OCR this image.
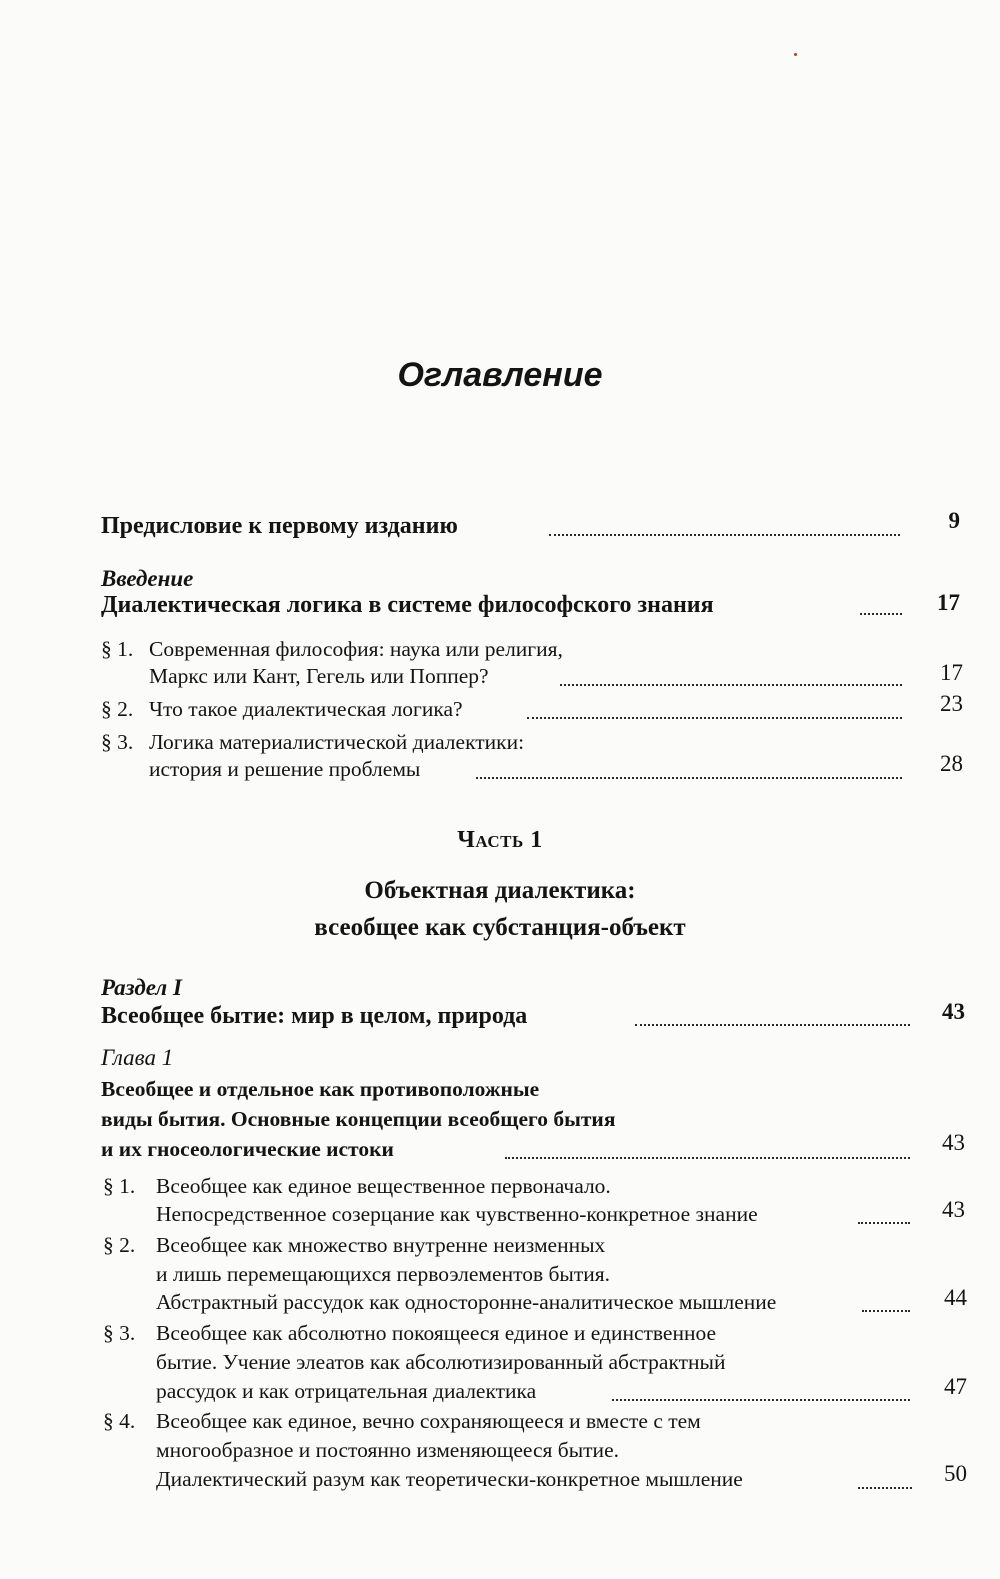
Оглавление
Предисловие к первому изданию	9
Введение
Диалектическая логика в системе философского знания	17
§ 1. Современная философия: наука или религия,
Маркс или Кант, Гегель или Поппер?	17
§ 2. Что такое диалектическая логика?	23
§ 3. Логика материалистической диалектики:
история и решение проблемы	28
Часть 1
Объектная диалектика:
всеобщее как субстанция-объект
Раздел I
Всеобщее бытие: мир в целом, природа	43
Глава 1
Всеобщее и отдельное как противоположные
виды бытия. Основные концепции всеобщего бытия
и их гносеологические истоки	43
§ 1. Всеобщее как единое вещественное первоначало.
Непосредственное созерцание как чувственно-конкретное знание	43
§ 2. Всеобщее как множество внутренне неизменных
и лишь перемещающихся первоэлементов бытия.
Абстрактный рассудок как односторонне-аналитическое мышление	44
§ 3. Всеобщее как абсолютно покоящееся единое и единственное
бытие. Учение элеатов как абсолютизированный абстрактный
рассудок и как отрицательная диалектика	47
§ 4. Всеобщее как единое, вечно сохраняющееся и вместе с тем
многообразное и постоянно изменяющееся бытие.
Диалектический разум как теоретически-конкретное мышление	50
